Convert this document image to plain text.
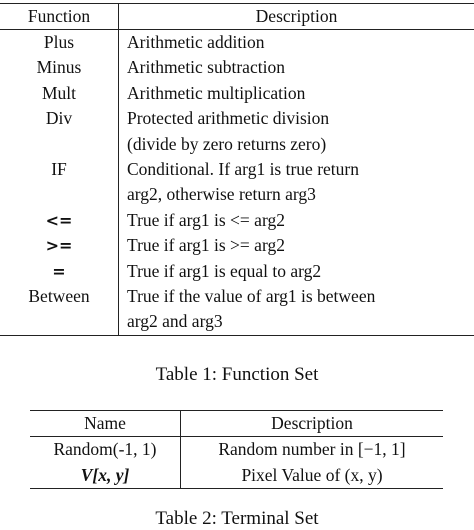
Function	Description
Plus	Arithmetic addition
Minus	Arithmetic subtraction
Mult	Arithmetic multiplication
Div	Protected arithmetic division
	(divide by zero returns zero)
IF	Conditional. If arg1 is true return
	arg2, otherwise return arg3
<=	True if arg1 is <= arg2
>=	True if arg1 is >= arg2
=	True if arg1 is equal to arg2
Between	True if the value of arg1 is between
	arg2 and arg3
Table 1: Function Set
Name	Description
Random(-1, 1)	Random number in [−1, 1]
V[x, y]	Pixel Value of (x, y)
Table 2: Terminal Set
